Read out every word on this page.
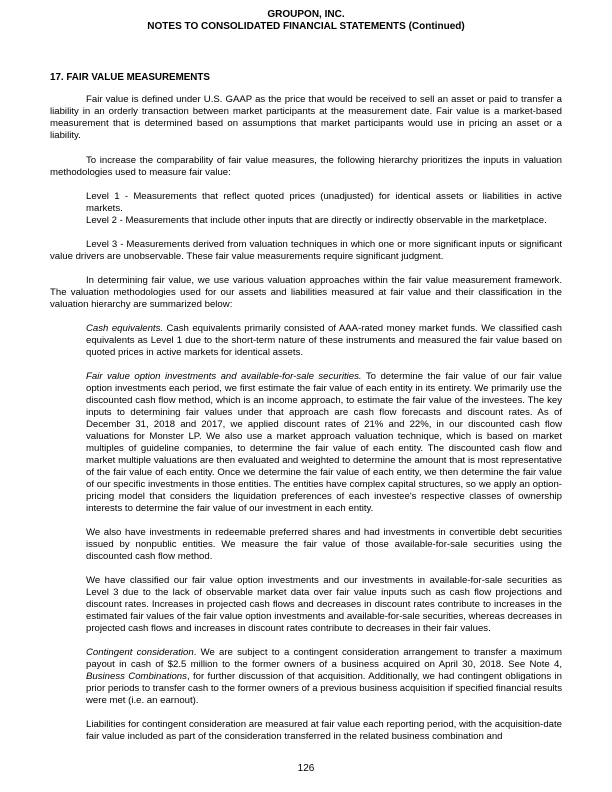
GROUPON, INC.
NOTES TO CONSOLIDATED FINANCIAL STATEMENTS (Continued)
17. FAIR VALUE MEASUREMENTS
Fair value is defined under U.S. GAAP as the price that would be received to sell an asset or paid to transfer a liability in an orderly transaction between market participants at the measurement date. Fair value is a market-based measurement that is determined based on assumptions that market participants would use in pricing an asset or a liability.
To increase the comparability of fair value measures, the following hierarchy prioritizes the inputs in valuation methodologies used to measure fair value:
Level 1 - Measurements that reflect quoted prices (unadjusted) for identical assets or liabilities in active markets.
Level 2 - Measurements that include other inputs that are directly or indirectly observable in the marketplace.
Level 3 - Measurements derived from valuation techniques in which one or more significant inputs or significant value drivers are unobservable. These fair value measurements require significant judgment.
In determining fair value, we use various valuation approaches within the fair value measurement framework. The valuation methodologies used for our assets and liabilities measured at fair value and their classification in the valuation hierarchy are summarized below:
Cash equivalents. Cash equivalents primarily consisted of AAA-rated money market funds. We classified cash equivalents as Level 1 due to the short-term nature of these instruments and measured the fair value based on quoted prices in active markets for identical assets.
Fair value option investments and available-for-sale securities. To determine the fair value of our fair value option investments each period, we first estimate the fair value of each entity in its entirety. We primarily use the discounted cash flow method, which is an income approach, to estimate the fair value of the investees. The key inputs to determining fair values under that approach are cash flow forecasts and discount rates. As of December 31, 2018 and 2017, we applied discount rates of 21% and 22%, in our discounted cash flow valuations for Monster LP. We also use a market approach valuation technique, which is based on market multiples of guideline companies, to determine the fair value of each entity. The discounted cash flow and market multiple valuations are then evaluated and weighted to determine the amount that is most representative of the fair value of each entity. Once we determine the fair value of each entity, we then determine the fair value of our specific investments in those entities. The entities have complex capital structures, so we apply an option-pricing model that considers the liquidation preferences of each investee's respective classes of ownership interests to determine the fair value of our investment in each entity.
We also have investments in redeemable preferred shares and had investments in convertible debt securities issued by nonpublic entities. We measure the fair value of those available-for-sale securities using the discounted cash flow method.
We have classified our fair value option investments and our investments in available-for-sale securities as Level 3 due to the lack of observable market data over fair value inputs such as cash flow projections and discount rates. Increases in projected cash flows and decreases in discount rates contribute to increases in the estimated fair values of the fair value option investments and available-for-sale securities, whereas decreases in projected cash flows and increases in discount rates contribute to decreases in their fair values.
Contingent consideration. We are subject to a contingent consideration arrangement to transfer a maximum payout in cash of $2.5 million to the former owners of a business acquired on April 30, 2018. See Note 4, Business Combinations, for further discussion of that acquisition. Additionally, we had contingent obligations in prior periods to transfer cash to the former owners of a previous business acquisition if specified financial results were met (i.e. an earnout).
Liabilities for contingent consideration are measured at fair value each reporting period, with the acquisition-date fair value included as part of the consideration transferred in the related business combination and
126
